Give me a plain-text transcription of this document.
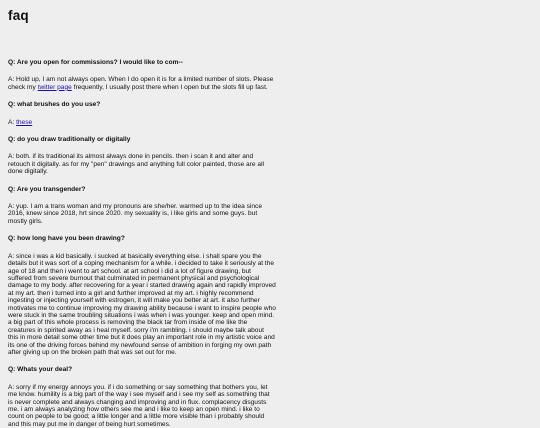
faq

Q: Are you open for commissions? I would like to com--

A: Hold up, I am not always open. When I do open it is for a limited number of slots. Please check my twitter page frequently, I usually post there when I open but the slots fill up fast.

Q: what brushes do you use?

A: these

Q: do you draw traditionally or digitally

A: both. if its traditional its almost always done in pencils. then i scan it and alter and retouch it digitally. as for my "pen" drawings and anything full color painted, those are all done digitally.

Q: Are you transgender?

A: yup. I am a trans woman and my pronouns are she/her. warmed up to the idea since 2016, knew since 2018, hrt since 2020. my sexuality is, i like girls and some guys. but mostly girls.

Q: how long have you been drawing?

A: since i was a kid basically. i sucked at basically everything else. i shall spare you the details but it was sort of a coping mechanism for a while. i decided to take it seriously at the age of 18 and then i went to art school. at art school i did a lot of figure drawing, but suffered from severe burnout that culminated in permanent physical and psychological damage to my body. after recovering for a year i started drawing again and rapidly improved at my art. then i turned into a girl and further improved at my art. i highly recommend ingesting or injecting yourself with estrogen, it will make you better at art. it also further motivates me to continue improving my drawing ability because i want to inspire people who were stuck in the same troubling situations i was when i was younger. keep and open mind. a big part of this whole process is removing the black tar from inside of me like the creatures in spirited away as i heal myself. sorry i'm rambling. i should maybe talk about this in more detail some other time but it does play an important role in my artistic voice and its one of the driving forces behind my newfound sense of ambition in forging my own path after giving up on the broken path that was set out for me.

Q: Whats your deal?

A: sorry if my energy annoys you. if i do something or say something that bothers you, let me know. humility is a big part of the way i see myself and i see my self as something that is never complete and always changing and improving and in flux. complacency disgusts me. i am always analyzing how others see me and i like to keep an open mind. i like to count on people to be good; a little longer and a little more visible than i probably should and this may put me in danger of being hurt sometimes.
